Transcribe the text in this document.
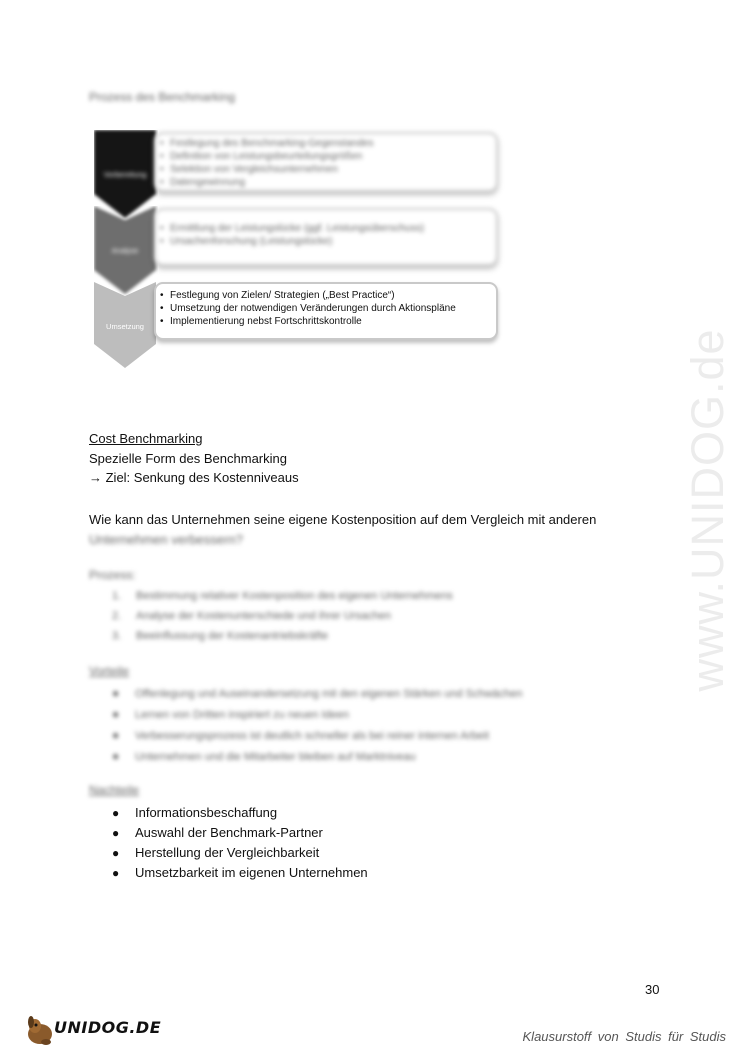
www.UNIDOG.de
Prozess des Benchmarking
Vorbereitung
• Festlegung des Benchmarking-Gegenstandes
• Definition von Leistungsbeurteilungsgrößen
• Selektion von Vergleichsunternehmen
• Datengewinnung
Analyse
• Ermittlung der Leistungslücke (ggf. Leistungsüberschuss)
• Ursachenforschung (Leistungslücke)
Umsetzung
• Festlegung von Zielen/ Strategien („Best Practice“)
• Umsetzung der notwendigen Veränderungen durch Aktionspläne
• Implementierung nebst Fortschrittskontrolle
Cost Benchmarking
Spezielle Form des Benchmarking
→ Ziel: Senkung des Kostenniveaus
Wie kann das Unternehmen seine eigene Kostenposition auf dem Vergleich mit anderen
Unternehmen verbessern?
Prozess:
1. Bestimmung relativer Kostenposition des eigenen Unternehmens
2. Analyse der Kostenunterschiede und ihrer Ursachen
3. Beeinflussung der Kostenantriebskräfte
Vorteile
● Offenlegung und Auseinandersetzung mit den eigenen Stärken und Schwächen
● Lernen von Dritten inspiriert zu neuen Ideen
● Verbesserungsprozess ist deutlich schneller als bei reiner internen Arbeit
● Unternehmen und die Mitarbeiter bleiben auf Marktniveau
Nachteile
● Informationsbeschaffung
● Auswahl der Benchmark-Partner
● Herstellung der Vergleichbarkeit
● Umsetzbarkeit im eigenen Unternehmen
30
UNIDOG.DE	Klausurstoff von Studis für Studis
